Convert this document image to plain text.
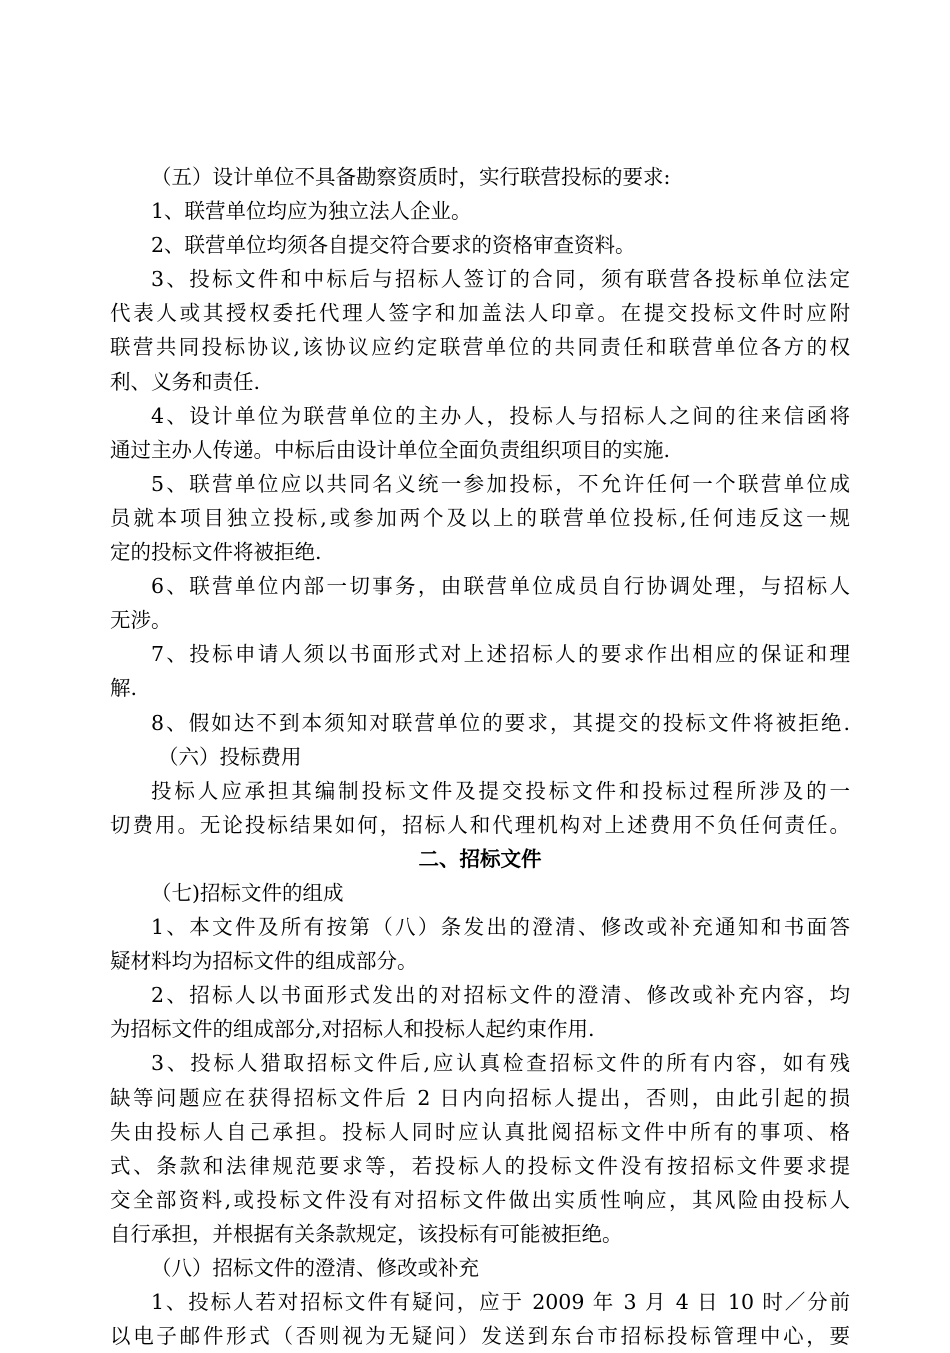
（五）设计单位不具备勘察资质时，实行联营投标的要求:
1、联营单位均应为独立法人企业。
2、联营单位均须各自提交符合要求的资格审查资料。
3、投标文件和中标后与招标人签订的合同，须有联营各投标单位法定
代表人或其授权委托代理人签字和加盖法人印章。在提交投标文件时应附
联营共同投标协议,该协议应约定联营单位的共同责任和联营单位各方的权
利、义务和责任.
4、设计单位为联营单位的主办人，投标人与招标人之间的往来信函将
通过主办人传递。中标后由设计单位全面负责组织项目的实施.
5、联营单位应以共同名义统一参加投标，不允许任何一个联营单位成
员就本项目独立投标,或参加两个及以上的联营单位投标,任何违反这一规
定的投标文件将被拒绝.
6、联营单位内部一切事务，由联营单位成员自行协调处理，与招标人
无涉。
7、投标申请人须以书面形式对上述招标人的要求作出相应的保证和理
解.
8、假如达不到本须知对联营单位的要求，其提交的投标文件将被拒绝.
（六）投标费用
投标人应承担其编制投标文件及提交投标文件和投标过程所涉及的一
切费用。无论投标结果如何，招标人和代理机构对上述费用不负任何责任。
二、招标文件
（七)招标文件的组成
1、本文件及所有按第（八）条发出的澄清、修改或补充通知和书面答
疑材料均为招标文件的组成部分。
2、招标人以书面形式发出的对招标文件的澄清、修改或补充内容，均
为招标文件的组成部分,对招标人和投标人起约束作用.
3、投标人猎取招标文件后,应认真检查招标文件的所有内容，如有残
缺等问题应在获得招标文件后 2 日内向招标人提出，否则，由此引起的损
失由投标人自己承担。投标人同时应认真批阅招标文件中所有的事项、格
式、条款和法律规范要求等，若投标人的投标文件没有按招标文件要求提
交全部资料,或投标文件没有对招标文件做出实质性响应，其风险由投标人
自行承担，并根据有关条款规定，该投标有可能被拒绝。
（八）招标文件的澄清、修改或补充
1、投标人若对招标文件有疑问，应于 2009 年 3 月 4 日 10 时／分前
以电子邮件形式（否则视为无疑问）发送到东台市招标投标管理中心，要
